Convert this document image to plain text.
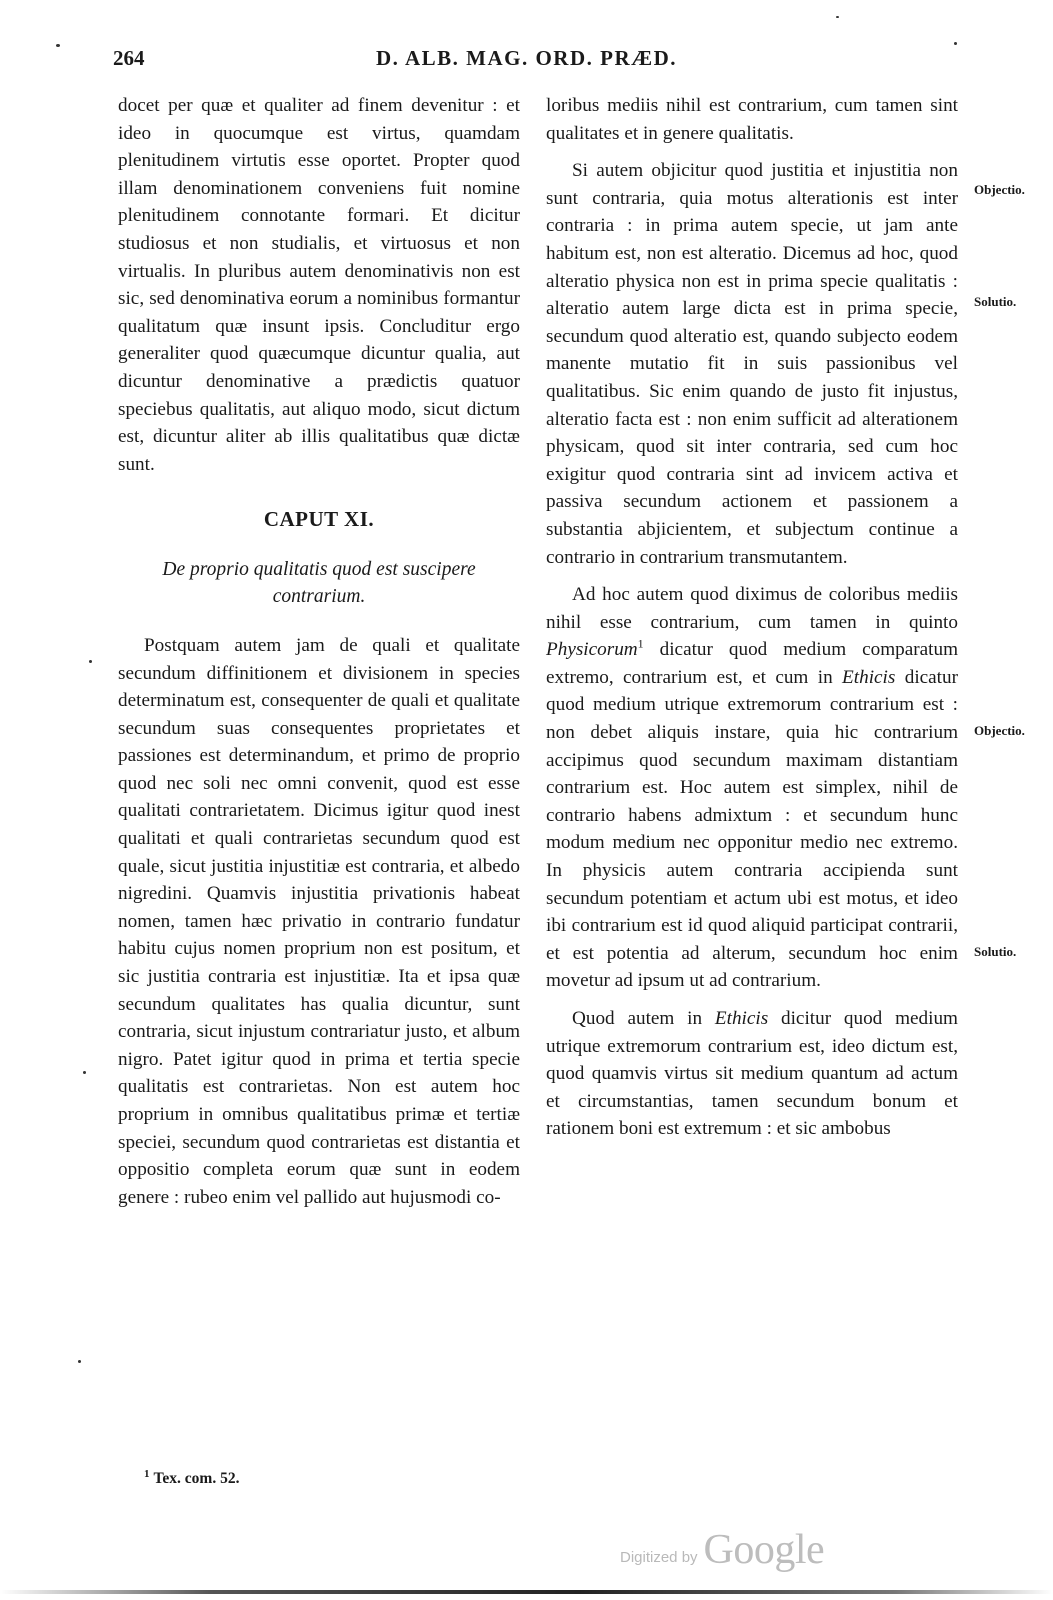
264	D. ALB. MAG. ORD. PRÆD.

docet per quæ et qualiter ad finem devenitur : et ideo in quocumque est virtus, quamdam plenitudinem virtutis esse oportet. Propter quod illam denominationem conveniens fuit nomine plenitudinem connotante formari. Et dicitur studiosus et non studialis, et virtuosus et non virtualis. In pluribus autem denominativis non est sic, sed denominativa eorum a nominibus formantur qualitatum quæ insunt ipsis. Concluditur ergo generaliter quod quæcumque dicuntur qualia, aut dicuntur denominative a prædictis quatuor speciebus qualitatis, aut aliquo modo, sicut dictum est, dicuntur aliter ab illis qualitatibus quæ dictæ sunt.

CAPUT XI.

De proprio qualitatis quod est suscipere contrarium.

Postquam autem jam de quali et qualitate secundum diffinitionem et divisionem in species determinatum est, consequenter de quali et qualitate secundum suas consequentes proprietates et passiones est determinandum, et primo de proprio quod nec soli nec omni convenit, quod est esse qualitati contrarietatem. Dicimus igitur quod inest qualitati et quali contrarietas secundum quod est quale, sicut justitia injustitiæ est contraria, et albedo nigredini. Quamvis injustitia privationis habeat nomen, tamen hæc privatio in contrario fundatur habitu cujus nomen proprium non est positum, et sic justitia contraria est injustitiæ. Ita et ipsa quæ secundum qualitates has qualia dicuntur, sunt contraria, sicut injustum contrariatur justo, et album nigro. Patet igitur quod in prima et tertia specie qualitatis est contrarietas. Non est autem hoc proprium in omnibus qualitatibus primæ et tertiæ speciei, secundum quod contrarietas est distantia et oppositio completa eorum quæ sunt in eodem genere : rubeo enim vel pallido aut hujusmodi co-

loribus mediis nihil est contrarium, cum tamen sint qualitates et in genere qualitatis.

Si autem objicitur quod justitia et injustitia non sunt contraria, quia motus alterationis est inter contraria : in prima autem specie, ut jam ante habitum est, non est alteratio. Dicemus ad hoc, quod alteratio physica non est in prima specie qualitatis : alteratio autem large dicta est in prima specie, secundum quod alteratio est, quando subjecto eodem manente mutatio fit in suis passionibus vel qualitatibus. Sic enim quando de justo fit injustus, alteratio facta est : non enim sufficit ad alterationem physicam, quod sit inter contraria, sed cum hoc exigitur quod contraria sint ad invicem activa et passiva secundum actionem et passionem a substantia abjicientem, et subjectum continue a contrario in contrarium transmutantem.

Ad hoc autem quod diximus de coloribus mediis nihil esse contrarium, cum tamen in quinto Physicorum$^1$ dicatur quod medium comparatum extremo, contrarium est, et cum in Ethicis dicatur quod medium utrique extremorum contrarium est : non debet aliquis instare, quia hic contrarium accipimus quod secundum maximam distantiam contrarium est. Hoc autem est simplex, nihil de contrario habens admixtum : et secundum hunc modum medium nec opponitur medio nec extremo. In physicis autem contraria accipienda sunt secundum potentiam et actum ubi est motus, et ideo ibi contrarium est id quod aliquid participat contrarii, et est potentia ad alterum, secundum hoc enim movetur ad ipsum ut ad contrarium.

Quod autem in Ethicis dicitur quod medium utrique extremorum contrarium est, ideo dictum est, quod quamvis virtus sit medium quantum ad actum et circumstantias, tamen secundum bonum et rationem boni est extremum : et sic ambobus

Objectio.
Solutio.
Objectio.
Solutio.
$^1$ Tex. com. 52.
Digitized by Google
